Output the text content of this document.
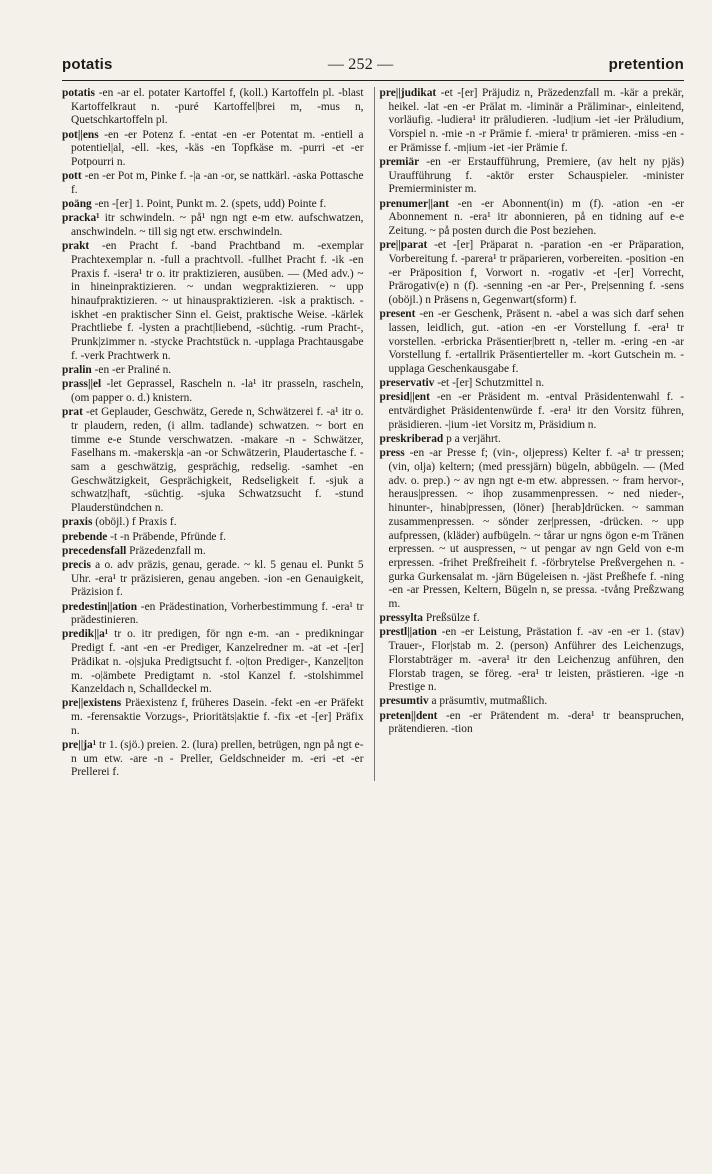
potatis	— 252 —	pretention

potatis -en -ar el. potater Kartoffel f, (koll.) Kartoffeln pl. -blast Kartoffelkraut n. -puré Kartoffel|brei m, -mus n, Quetschkartoffeln pl.

pot||ens -en -er Potenz f. -entat -en -er Potentat m. -entiell a potentiel|al, -ell. -kes, -käs -en Topfkäse m. -purri -et -er Potpourri n.

pott -en -er Pot m, Pinke f. -|a -an -or, se nattkärl. -aska Pottasche f.

poäng -en -[er] 1. Point, Punkt m. 2. (spets, udd) Pointe f.

pracka¹ itr schwindeln. ~ på¹ ngn ngt e-m etw. aufschwatzen, anschwindeln. ~ till sig ngt etw. erschwindeln.

prakt -en Pracht f. -band Prachtband m. -exemplar Prachtexemplar n. -full a prachtvoll. -fullhet Pracht f. -ik -en Praxis f. -isera¹ tr o. itr praktizieren, ausüben. — (Med adv.) ~ in hineinpraktizieren. ~ undan wegpraktizieren. ~ upp hinaufpraktizieren. ~ ut hinauspraktizieren. -isk a praktisch. -iskhet -en praktischer Sinn el. Geist, praktische Weise. -kärlek Prachtliebe f. -lysten a pracht|liebend, -süchtig. -rum Pracht-, Prunk|zimmer n. -stycke Prachtstück n. -upplaga Prachtausgabe f. -verk Prachtwerk n.

pralin -en -er Praliné n.

prass||el -let Geprassel, Rascheln n. -la¹ itr prasseln, rascheln, (om papper o. d.) knistern.

prat -et Geplauder, Geschwätz, Gerede n, Schwätzerei f. -a¹ itr o. tr plaudern, reden, (i allm. tadlande) schwatzen. ~ bort en timme e-e Stunde verschwatzen. -makare -n - Schwätzer, Faselhans m. -makersk|a -an -or Schwätzerin, Plaudertasche f. -sam a geschwätzig, gesprächig, redselig. -samhet -en Geschwätzigkeit, Gesprächigkeit, Redseligkeit f. -sjuk a schwatz|haft, -süchtig. -sjuka Schwatzsucht f. -stund Plauderstündchen n.

praxis (oböjl.) f Praxis f.

prebende -t -n Präbende, Pfründe f.

precedensfall Präzedenzfall m.

precis a o. adv präzis, genau, gerade. ~ kl. 5 genau el. Punkt 5 Uhr. -era¹ tr präzisieren, genau angeben. -ion -en Genauigkeit, Präzision f.

predestin||ation -en Prädestination, Vorherbestimmung f. -era¹ tr prädestinieren.

predik||a¹ tr o. itr predigen, för ngn e-m. -an - predikningar Predigt f. -ant -en -er Prediger, Kanzelredner m. -at -et -[er] Prädikat n. -o|sjuka Predigtsucht f. -o|ton Prediger-, Kanzel|ton m. -o|ämbete Predigtamt n. -stol Kanzel f. -stolshimmel Kanzeldach n, Schalldeckel m.

pre||existens Präexistenz f, früheres Dasein. -fekt -en -er Präfekt m. -ferensaktie Vorzugs-, Prioritäts|aktie f. -fix -et -[er] Präfix n.

pre||ja¹ tr 1. (sjö.) preien. 2. (lura) prellen, betrügen, ngn på ngt e-n um etw. -are -n - Preller, Geldschneider m. -eri -et -er Prellerei f.

pre||judikat -et -[er] Präjudiz n, Präzedenzfall m. -kär a prekär, heikel. -lat -en -er Prälat m. -liminär a Präliminar-, einleitend, vorläufig. -ludiera¹ itr präludieren. -lud|ium -iet -ier Präludium, Vorspiel n. -mie -n -r Prämie f. -miera¹ tr prämieren. -miss -en -er Prämisse f. -m|ium -iet -ier Prämie f.

premiär -en -er Erstaufführung, Premiere, (av helt ny pjäs) Uraufführung f. -aktör erster Schauspieler. -minister Premierminister m.

prenumer||ant -en -er Abonnent(in) m (f). -ation -en -er Abonnement n. -era¹ itr abonnieren, på en tidning auf e-e Zeitung. ~ på posten durch die Post beziehen.

pre||parat -et -[er] Präparat n. -paration -en -er Präparation, Vorbereitung f. -parera¹ tr präparieren, vorbereiten. -position -en -er Präposition f, Vorwort n. -rogativ -et -[er] Vorrecht, Prärogativ(e) n (f). -senning -en -ar Per-, Pre|senning f. -sens (oböjl.) n Präsens n, Gegenwart(sform) f.

present -en -er Geschenk, Präsent n. -abel a was sich darf sehen lassen, leidlich, gut. -ation -en -er Vorstellung f. -era¹ tr vorstellen. -erbricka Präsentier|brett n, -teller m. -ering -en -ar Vorstellung f. -ertallrik Präsentierteller m. -kort Gutschein m. -upplaga Geschenkausgabe f.

preservativ -et -[er] Schutzmittel n.

presid||ent -en -er Präsident m. -entval Präsidentenwahl f. -entvärdighet Präsidentenwürde f. -era¹ itr den Vorsitz führen, präsidieren. -|ium -iet Vorsitz m, Präsidium n.

preskriberad p a verjährt.

press -en -ar Presse f; (vin-, oljepress) Kelter f. -a¹ tr pressen; (vin, olja) keltern; (med pressjärn) bügeln, abbügeln. — (Med adv. o. prep.) ~ av ngn ngt e-m etw. abpressen. ~ fram hervor-, heraus|pressen. ~ ihop zusammenpressen. ~ ned nieder-, hinunter-, hinab|pressen, (löner) [herab]drücken. ~ samman zusammenpressen. ~ sönder zer|pressen, -drücken. ~ upp aufpressen, (kläder) aufbügeln. ~ tårar ur ngns ögon e-m Tränen erpressen. ~ ut auspressen, ~ ut pengar av ngn Geld von e-m erpressen. -frihet Preßfreiheit f. -förbrytelse Preßvergehen n. -gurka Gurkensalat m. -järn Bügeleisen n. -jäst Preßhefe f. -ning -en -ar Pressen, Keltern, Bügeln n, se pressa. -tvång Preßzwang m.

pressylta Preßsülze f.

prestl||ation -en -er Leistung, Prästation f. -av -en -er 1. (stav) Trauer-, Flor|stab m. 2. (person) Anführer des Leichenzugs, Florstabträger m. -avera¹ itr den Leichenzug anführen, den Florstab tragen, se föreg. -era¹ tr leisten, prästieren. -ige -n Prestige n.

presumtiv a präsumtiv, mutmaßlich.

preten||dent -en -er Prätendent m. -dera¹ tr beanspruchen, prätendieren. -tion
